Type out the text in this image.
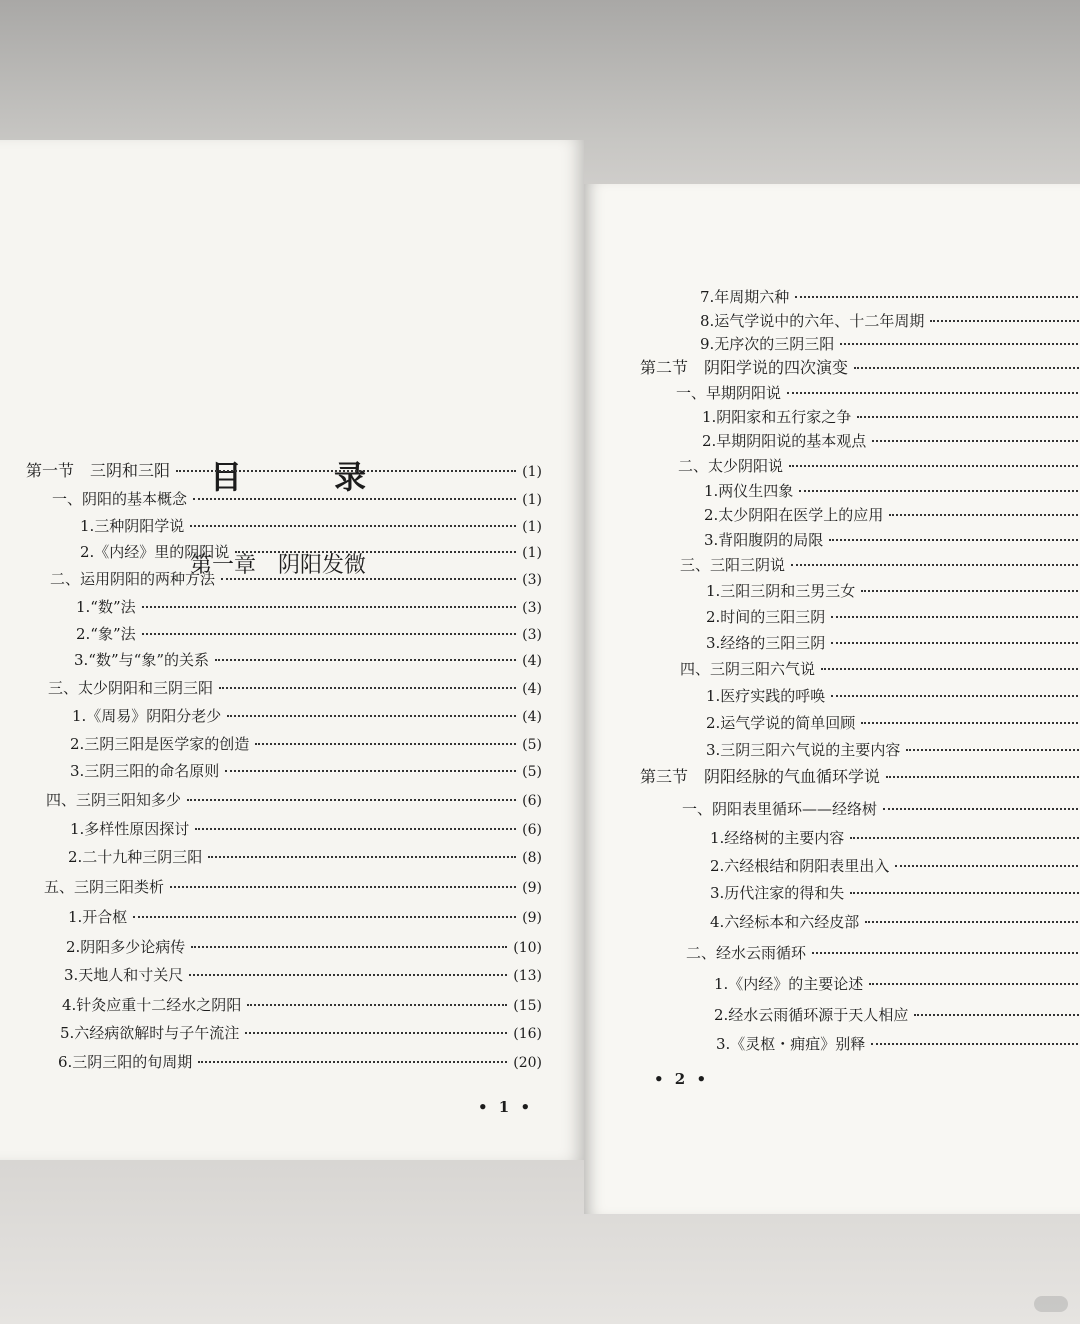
目	录
第一章　阴阳发微
第一节　三阴和三阳	(1)
一、阴阳的基本概念	(1)
1.三种阴阳学说	(1)
2.《内经》里的阴阳说	(1)
二、运用阴阳的两种方法	(3)
1.“数”法	(3)
2.“象”法	(3)
3.“数”与“象”的关系	(4)
三、太少阴阳和三阴三阳	(4)
1.《周易》阴阳分老少	(4)
2.三阴三阳是医学家的创造	(5)
3.三阴三阳的命名原则	(5)
四、三阴三阳知多少	(6)
1.多样性原因探讨	(6)
2.二十九种三阴三阳	(8)
五、三阴三阳类析	(9)
1.开合枢	(9)
2.阴阳多少论病传	(10)
3.天地人和寸关尺	(13)
4.针灸应重十二经水之阴阳	(15)
5.六经病欲解时与子午流注	(16)
6.三阴三阳的旬周期	(20)
• 1 •
7.年周期六种
8.运气学说中的六年、十二年周期
9.无序次的三阴三阳
第二节　阴阳学说的四次演变
一、早期阴阳说
1.阴阳家和五行家之争
2.早期阴阳说的基本观点
二、太少阴阳说
1.两仪生四象
2.太少阴阳在医学上的应用
3.背阳腹阴的局限
三、三阳三阴说
1.三阳三阴和三男三女
2.时间的三阳三阴
3.经络的三阳三阴
四、三阴三阳六气说
1.医疗实践的呼唤
2.运气学说的简单回顾
3.三阴三阳六气说的主要内容
第三节　阴阳经脉的气血循环学说
一、阴阳表里循环——经络树
1.经络树的主要内容
2.六经根结和阴阳表里出入
3.历代注家的得和失
4.六经标本和六经皮部
二、经水云雨循环
1.《内经》的主要论述
2.经水云雨循环源于天人相应
3.《灵枢・痈疽》别释
• 2 •
